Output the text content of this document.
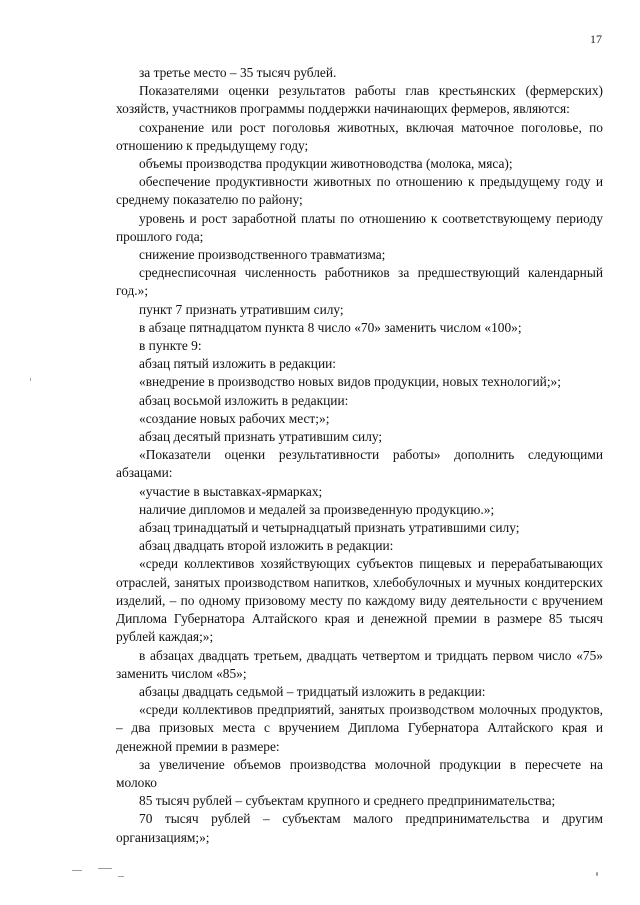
17

за третье место – 35 тысяч рублей.

Показателями оценки результатов работы глав крестьянских (фермерских) хозяйств, участников программы поддержки начинающих фермеров, являются:

сохранение или рост поголовья животных, включая маточное поголовье, по отношению к предыдущему году;

объемы производства продукции животноводства (молока, мяса);

обеспечение продуктивности животных по отношению к предыдущему году и среднему показателю по району;

уровень и рост заработной платы по отношению к соответствующему периоду прошлого года;

снижение производственного травматизма;

среднесписочная численность работников за предшествующий календарный год.»;

пункт 7 признать утратившим силу;

в абзаце пятнадцатом пункта 8 число «70» заменить числом «100»;

в пункте 9:

абзац пятый изложить в редакции:

«внедрение в производство новых видов продукции, новых технологий;»;

абзац восьмой изложить в редакции:

«создание новых рабочих мест;»;

абзац десятый признать утратившим силу;

«Показатели оценки результативности работы» дополнить следующими абзацами:

«участие в выставках-ярмарках;

наличие дипломов и медалей за произведенную продукцию.»;

абзац тринадцатый и четырнадцатый признать утратившими силу;

абзац двадцать второй изложить в редакции:

«среди коллективов хозяйствующих субъектов пищевых и перерабатывающих отраслей, занятых производством напитков, хлебобулочных и мучных кондитерских изделий, – по одному призовому месту по каждому виду деятельности с вручением Диплома Губернатора Алтайского края и денежной премии в размере 85 тысяч рублей каждая;»;

в абзацах двадцать третьем, двадцать четвертом и тридцать первом число «75» заменить числом «85»;

абзацы двадцать седьмой – тридцатый изложить в редакции:

«среди коллективов предприятий, занятых производством молочных продуктов, – два призовых места с вручением Диплома Губернатора Алтайского края и денежной премии в размере:

за увеличение объемов производства молочной продукции в пересчете на молоко

85 тысяч рублей – субъектам крупного и среднего предпринимательства;

70 тысяч рублей – субъектам малого предпринимательства и другим организациям;»;
